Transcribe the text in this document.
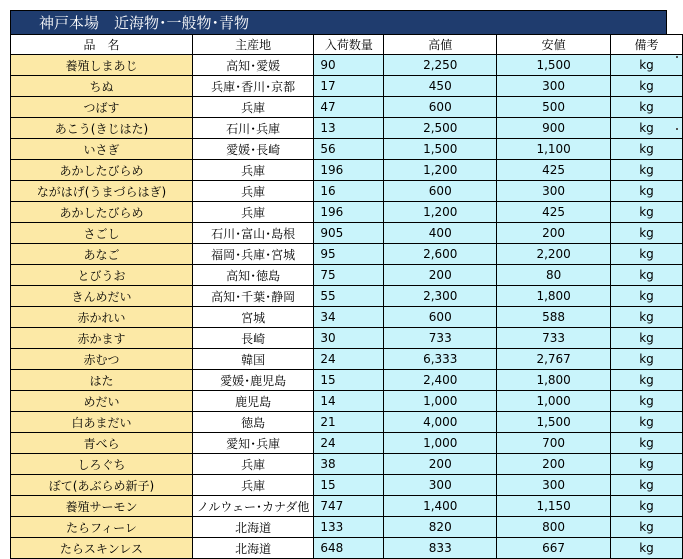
神戸本場　近海物･一般物･青物
品　名	主産地	入荷数量	高値	安値	備考
養殖しまあじ	高知･愛媛	90	2,250	1,500	kg
ちぬ	兵庫･香川･京都	17	450	300	kg
つばす	兵庫	47	600	500	kg
あこう(きじはた)	石川･兵庫	13	2,500	900	kg
いさぎ	愛媛･長崎	56	1,500	1,100	kg
あかしたびらめ	兵庫	196	1,200	425	kg
ながはげ(うまづらはぎ)	兵庫	16	600	300	kg
あかしたびらめ	兵庫	196	1,200	425	kg
さごし	石川･富山･島根	905	400	200	kg
あなご	福岡･兵庫･宮城	95	2,600	2,200	kg
とびうお	高知･徳島	75	200	80	kg
きんめだい	高知･千葉･静岡	55	2,300	1,800	kg
赤かれい	宮城	34	600	588	kg
赤かます	長崎	30	733	733	kg
赤むつ	韓国	24	6,333	2,767	kg
はた	愛媛･鹿児島	15	2,400	1,800	kg
めだい	鹿児島	14	1,000	1,000	kg
白あまだい	徳島	21	4,000	1,500	kg
青べら	愛知･兵庫	24	1,000	700	kg
しろぐち	兵庫	38	200	200	kg
ぼて(あぶらめ新子)	兵庫	15	300	300	kg
養殖サーモン	ノルウェー･カナダ他	747	1,400	1,150	kg
たらフィーレ	北海道	133	820	800	kg
たらスキンレス	北海道	648	833	667	kg
